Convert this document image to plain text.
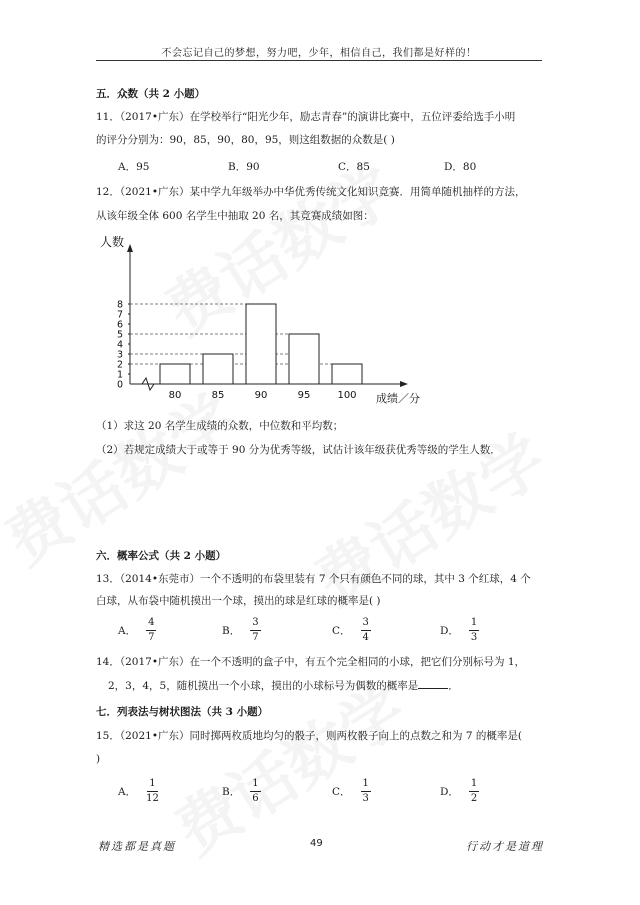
不会忘记自己的梦想，努力吧，少年，相信自己，我们都是好样的！
五．众数（共 2 小题）
11．（2017•广东）在学校举行“阳光少年，励志青春”的演讲比赛中，五位评委给选手小明
的评分分别为：90，85，90，80，95，则这组数据的众数是( )
A．95	B．90	C．85	D．80
12．（2021•广东）某中学九年级举办中华优秀传统文化知识竞赛．用简单随机抽样的方法，
从该年级全体 600 名学生中抽取 20 名，其竞赛成绩如图：
人数
成绩／分
0
1
2
3
4
5
6
7
8
80	85	90	95	100
（1）求这 20 名学生成绩的众数，中位数和平均数；
（2）若规定成绩大于或等于 90 分为优秀等级，试估计该年级获优秀等级的学生人数．
六．概率公式（共 2 小题）
13．（2014•东莞市）一个不透明的布袋里装有 7 个只有颜色不同的球，其中 3 个红球，4 个
白球，从布袋中随机摸出一个球，摸出的球是红球的概率是( )
A． $\frac{4}{7}$	B． $\frac{3}{7}$	C． $\frac{3}{4}$	D． $\frac{1}{3}$
14．（2017•广东）在一个不透明的盒子中，有五个完全相同的小球，把它们分别标号为 1，
2，3，4，5，随机摸出一个小球，摸出的小球标号为偶数的概率是	．
七．列表法与树状图法（共 3 小题）
15．（2021•广东）同时掷两枚质地均匀的骰子，则两枚骰子向上的点数之和为 7 的概率是(
)
A． $\frac{1}{12}$	B． $\frac{1}{6}$	C． $\frac{1}{3}$	D． $\frac{1}{2}$
精选都是真题	49	行动才是道理
